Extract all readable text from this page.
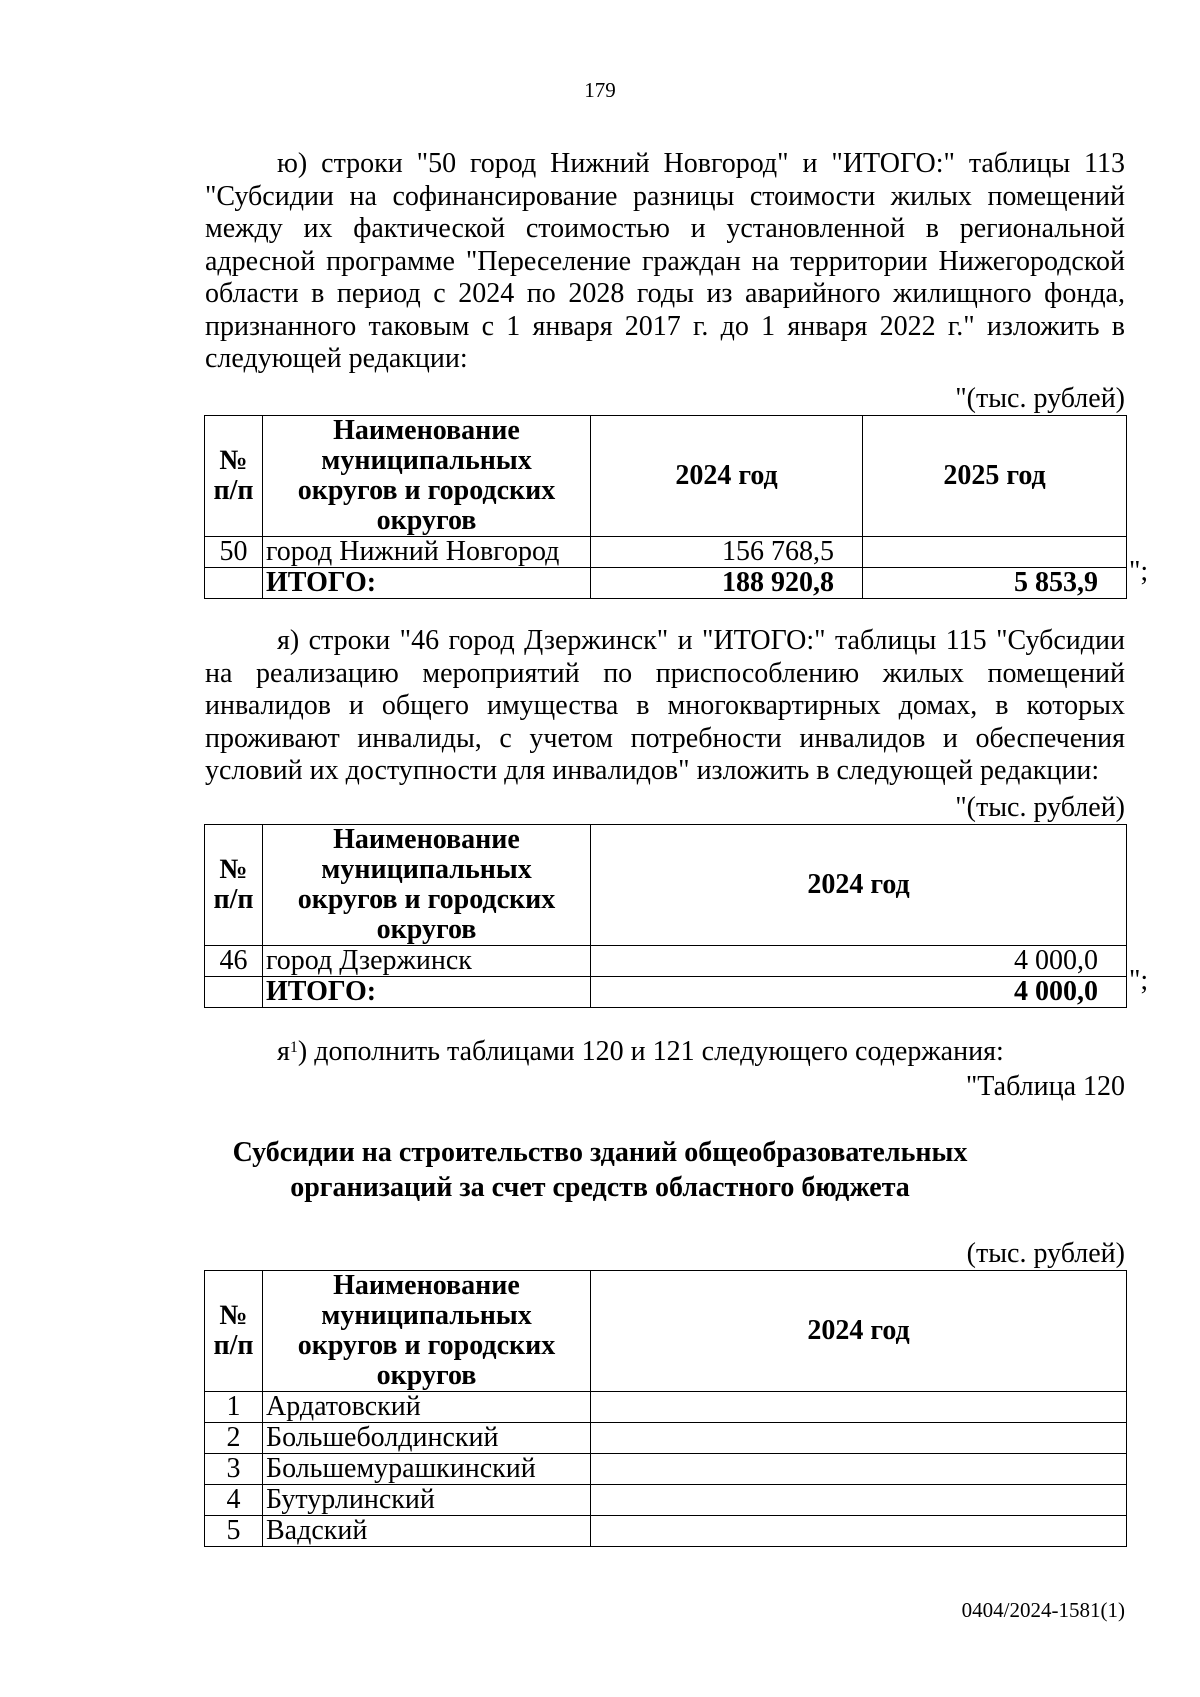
179
ю) строки "50 город Нижний Новгород" и "ИТОГО:" таблицы 113 "Субсидии на софинансирование разницы стоимости жилых помещений между их фактической стоимостью и установленной в региональной адресной программе "Переселение граждан на территории Нижегородской области в период с 2024 по 2028 годы из аварийного жилищного фонда, признанного таковым с 1 января 2017 г. до 1 января 2022 г." изложить в следующей редакции:
"(тыс. рублей)
№ п/п	Наименование муниципальных округов и городских округов	2024 год	2025 год
50	город Нижний Новгород	156 768,5	
	ИТОГО:	188 920,8	5 853,9 ";
я) строки "46 город Дзержинск" и "ИТОГО:" таблицы 115 "Субсидии на реализацию мероприятий по приспособлению жилых помещений инвалидов и общего имущества в многоквартирных домах, в которых проживают инвалиды, с учетом потребности инвалидов и обеспечения условий их доступности для инвалидов" изложить в следующей редакции:
"(тыс. рублей)
№ п/п	Наименование муниципальных округов и городских округов	2024 год
46	город Дзержинск	4 000,0
	ИТОГО:	4 000,0 ";
$я^1$) дополнить таблицами 120 и 121 следующего содержания:
"Таблица 120
Субсидии на строительство зданий общеобразовательных
организаций за счет средств областного бюджета
(тыс. рублей)
№ п/п	Наименование муниципальных округов и городских округов	2024 год
1	Ардатовский	
2	Большеболдинский	
3	Большемурашкинский	
4	Бутурлинский	
5	Вадский	
0404/2024-1581(1)
